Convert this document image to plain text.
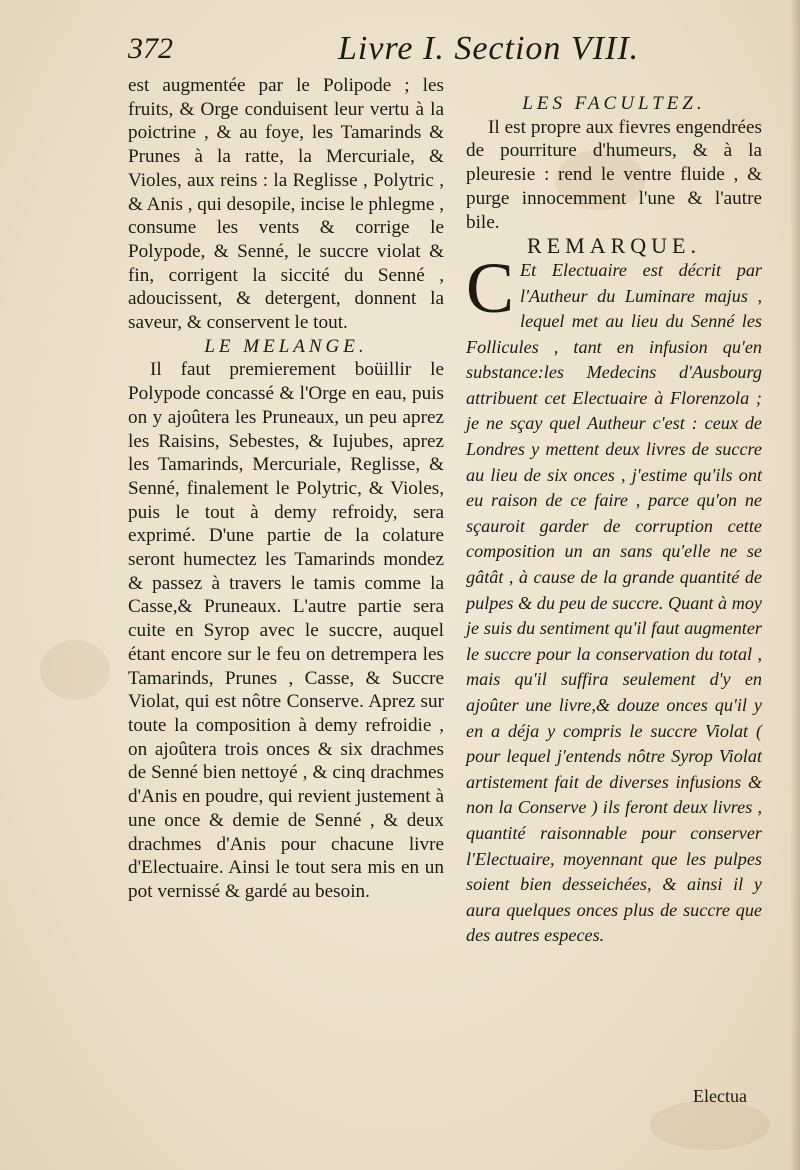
372	Livre I. Section VIII.

est augmentée par le Polipode ; les fruits, & Orge conduisent leur vertu à la poictrine , & au foye, les Tamarinds & Prunes à la ratte, la Mercuriale, & Violes, aux reins : la Reglisse , Polytric , & Anis , qui desopile, incise le phlegme , consume les vents & corrige le Polypode, & Senné, le succre violat & fin, corrigent la siccité du Senné , adoucissent, & detergent, donnent la saveur, & conservent le tout.

LE MELANGE.

Il faut premierement boüillir le Polypode concassé & l'Orge en eau, puis on y ajoûtera les Pruneaux, un peu aprez les Raisins, Sebestes, & Iujubes, aprez les Tamarinds, Mercuriale, Reglisse, & Senné, finalement le Polytric, & Violes, puis le tout à demy refroidy, sera exprimé. D'une partie de la colature seront humectez les Tamarinds mondez & passez à travers le tamis comme la Casse,& Pruneaux. L'autre partie sera cuite en Syrop avec le succre, auquel étant encore sur le feu on detrempera les Tamarinds, Prunes , Casse, & Succre Violat, qui est nôtre Conserve. Aprez sur toute la composition à demy refroidie , on ajoûtera trois onces & six drachmes de Senné bien nettoyé , & cinq drachmes d'Anis en poudre, qui revient justement à une once & demie de Senné , & deux drachmes d'Anis pour chacune livre d'Electuaire. Ainsi le tout sera mis en un pot vernissé & gardé au besoin.

LES FACULTEZ.

Il est propre aux fievres engendrées de pourriture d'humeurs, & à la pleuresie : rend le ventre fluide , & purge innocemment l'une & l'autre bile.

REMARQUE.

C Et Electuaire est décrit par l'Autheur du Luminare majus , lequel met au lieu du Senné les Follicules , tant en infusion qu'en substance:les Medecins d'Ausbourg attribuent cet Electuaire à Florenzola ; je ne sçay quel Autheur c'est : ceux de Londres y mettent deux livres de succre au lieu de six onces , j'estime qu'ils ont eu raison de ce faire , parce qu'on ne sçauroit garder de corruption cette composition un an sans qu'elle ne se gâtât , à cause de la grande quantité de pulpes & du peu de succre. Quant à moy je suis du sentiment qu'il faut augmenter le succre pour la conservation du total , mais qu'il suffira seulement d'y en ajoûter une livre,& douze onces qu'il y en a déja y compris le succre Violat ( pour lequel j'entends nôtre Syrop Violat artistement fait de diverses infusions & non la Conserve ) ils feront deux livres , quantité raisonnable pour conserver l'Electuaire, moyennant que les pulpes soient bien desseichées, & ainsi il y aura quelques onces plus de succre que des autres especes.

Electua
